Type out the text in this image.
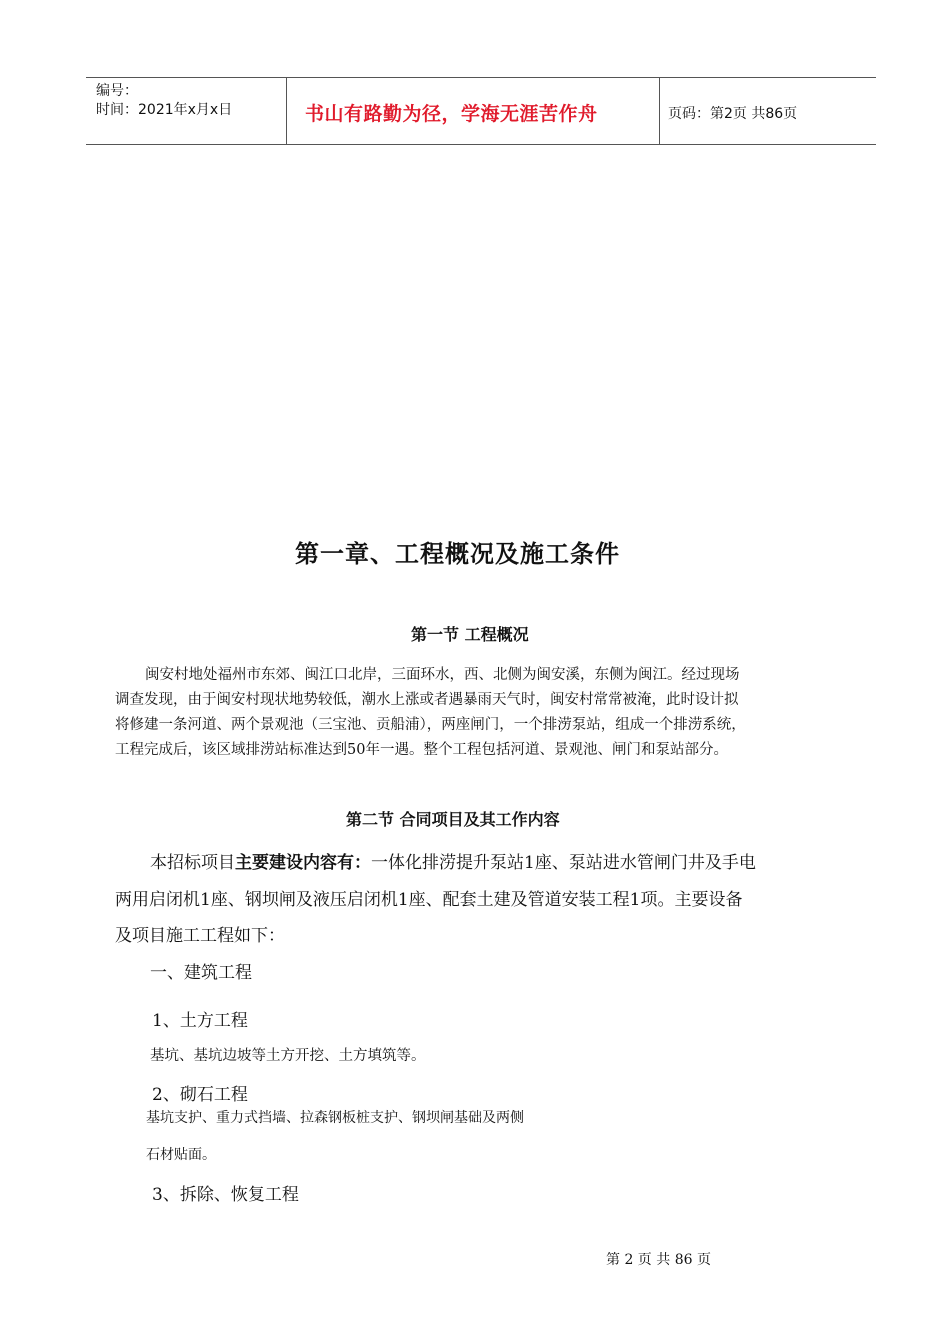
编号：
时间：2021年x月x日	书山有路勤为径，学海无涯苦作舟	页码：第2页 共86页
第一章、工程概况及施工条件
第一节 工程概况
闽安村地处福州市东郊、闽江口北岸，三面环水，西、北侧为闽安溪，东侧为闽江。经过现场
调查发现，由于闽安村现状地势较低，潮水上涨或者遇暴雨天气时，闽安村常常被淹，此时设计拟
将修建一条河道、两个景观池（三宝池、贡船浦），两座闸门，一个排涝泵站，组成一个排涝系统，
工程完成后，该区域排涝站标准达到50年一遇。整个工程包括河道、景观池、闸门和泵站部分。
第二节 合同项目及其工作内容
本招标项目主要建设内容有：一体化排涝提升泵站1座、泵站进水管闸门井及手电
两用启闭机1座、钢坝闸及液压启闭机1座、配套土建及管道安装工程1项。主要设备
及项目施工工程如下：
一、建筑工程
1、土方工程
基坑、基坑边坡等土方开挖、土方填筑等。
2、砌石工程
基坑支护、重力式挡墙、拉森钢板桩支护、钢坝闸基础及两侧
石材贴面。
3、拆除、恢复工程
第 2 页 共 86 页
